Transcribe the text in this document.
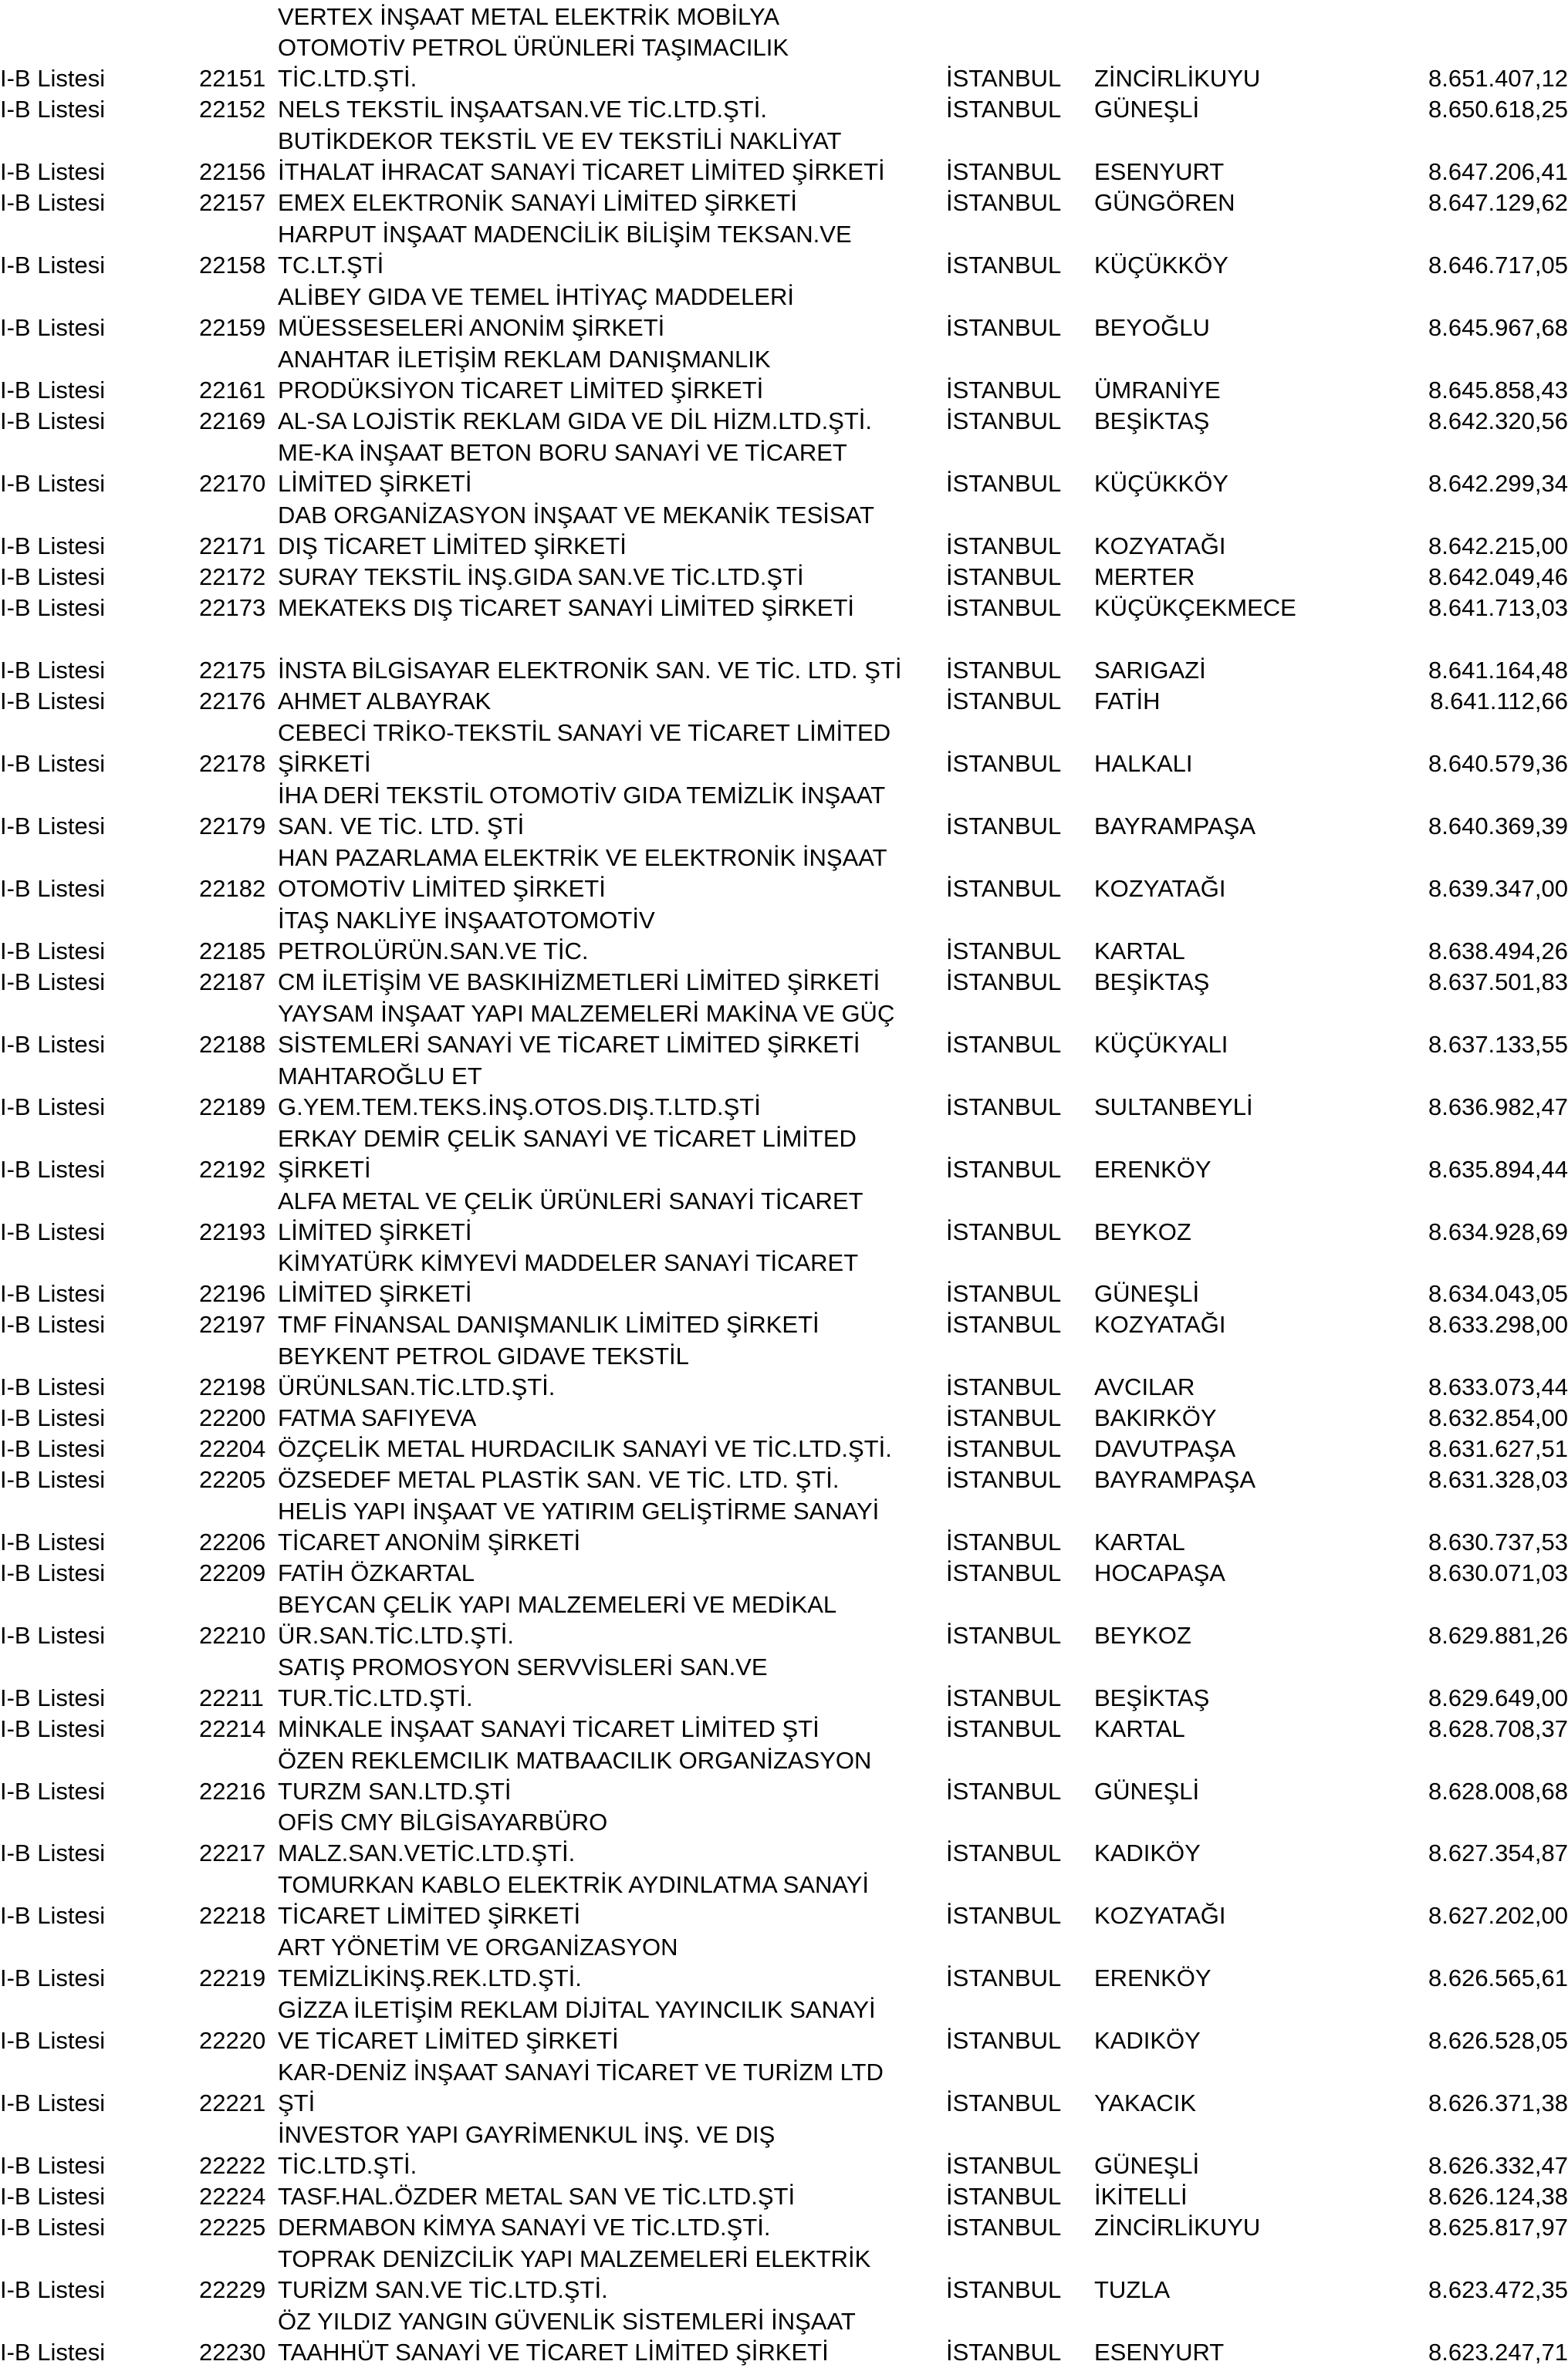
I-B Listesi	22151
VERTEX İNŞAAT METAL ELEKTRİK MOBİLYA
OTOMOTİV PETROL ÜRÜNLERİ TAŞIMACILIK
TİC.LTD.ŞTİ.	İSTANBUL ZİNCİRLİKUYU	8.651.407,12
I-B Listesi	22152 NELS TEKSTİL İNŞAATSAN.VE TİC.LTD.ŞTİ.	İSTANBUL GÜNEŞLİ	8.650.618,25
I-B Listesi	22156
BUTİKDEKOR TEKSTİL VE EV TEKSTİLİ NAKLİYAT
İTHALAT İHRACAT SANAYİ TİCARET LİMİTED ŞİRKETİ	İSTANBUL ESENYURT	8.647.206,41
I-B Listesi	22157 EMEX ELEKTRONİK SANAYİ LİMİTED ŞİRKETİ	İSTANBUL GÜNGÖREN	8.647.129,62
I-B Listesi	22158
HARPUT İNŞAAT MADENCİLİK BİLİŞİM TEKSAN.VE
TC.LT.ŞTİ	İSTANBUL KÜÇÜKKÖY	8.646.717,05
I-B Listesi	22159
ALİBEY GIDA VE TEMEL İHTİYAÇ MADDELERİ
MÜESSESELERİ ANONİM ŞİRKETİ	İSTANBUL BEYOĞLU	8.645.967,68
I-B Listesi	22161
ANAHTAR İLETİŞİM REKLAM DANIŞMANLIK
PRODÜKSİYON TİCARET LİMİTED ŞİRKETİ	İSTANBUL ÜMRANİYE	8.645.858,43
I-B Listesi	22169 AL-SA LOJİSTİK REKLAM GIDA VE DİL HİZM.LTD.ŞTİ.	İSTANBUL BEŞİKTAŞ	8.642.320,56
I-B Listesi	22170
ME-KA İNŞAAT BETON BORU SANAYİ VE TİCARET
LİMİTED ŞİRKETİ	İSTANBUL KÜÇÜKKÖY	8.642.299,34
I-B Listesi	22171
DAB ORGANİZASYON İNŞAAT VE MEKANİK TESİSAT
DIŞ TİCARET LİMİTED ŞİRKETİ	İSTANBUL KOZYATAĞI	8.642.215,00
I-B Listesi	22172 SURAY TEKSTİL İNŞ.GIDA SAN.VE TİC.LTD.ŞTİ	İSTANBUL MERTER	8.642.049,46
I-B Listesi	22173 MEKATEKS DIŞ TİCARET SANAYİ LİMİTED ŞİRKETİ	İSTANBUL KÜÇÜKÇEKMECE	8.641.713,03
I-B Listesi	22175 İNSTA BİLGİSAYAR ELEKTRONİK SAN. VE TİC. LTD. ŞTİ	İSTANBUL SARIGAZİ	8.641.164,48
I-B Listesi	22176 AHMET ALBAYRAK	İSTANBUL FATİH	8.641.112,66
I-B Listesi	22178
CEBECİ TRİKO-TEKSTİL SANAYİ VE TİCARET LİMİTED
ŞİRKETİ	İSTANBUL HALKALI	8.640.579,36
I-B Listesi	22179
İHA DERİ TEKSTİL OTOMOTİV GIDA TEMİZLİK İNŞAAT
SAN. VE TİC. LTD. ŞTİ	İSTANBUL BAYRAMPAŞA	8.640.369,39
I-B Listesi	22182
HAN PAZARLAMA ELEKTRİK VE ELEKTRONİK İNŞAAT
OTOMOTİV LİMİTED ŞİRKETİ	İSTANBUL KOZYATAĞI	8.639.347,00
I-B Listesi	22185
İTAŞ NAKLİYE İNŞAATOTOMOTİV
PETROLÜRÜN.SAN.VE TİC.	İSTANBUL KARTAL	8.638.494,26
I-B Listesi	22187 CM İLETİŞİM VE BASKIHİZMETLERİ LİMİTED ŞİRKETİ	İSTANBUL BEŞİKTAŞ	8.637.501,83
I-B Listesi	22188
YAYSAM İNŞAAT YAPI MALZEMELERİ MAKİNA VE GÜÇ
SİSTEMLERİ SANAYİ VE TİCARET LİMİTED ŞİRKETİ	İSTANBUL KÜÇÜKYALI	8.637.133,55
I-B Listesi	22189
MAHTAROĞLU ET
G.YEM.TEM.TEKS.İNŞ.OTOS.DIŞ.T.LTD.ŞTİ	İSTANBUL SULTANBEYLİ	8.636.982,47
I-B Listesi	22192
ERKAY DEMİR ÇELİK SANAYİ VE TİCARET LİMİTED
ŞİRKETİ	İSTANBUL ERENKÖY	8.635.894,44
I-B Listesi	22193
ALFA METAL VE ÇELİK ÜRÜNLERİ SANAYİ TİCARET
LİMİTED ŞİRKETİ	İSTANBUL BEYKOZ	8.634.928,69
I-B Listesi	22196
KİMYATÜRK KİMYEVİ MADDELER SANAYİ TİCARET
LİMİTED ŞİRKETİ	İSTANBUL GÜNEŞLİ	8.634.043,05
I-B Listesi	22197 TMF FİNANSAL DANIŞMANLIK LİMİTED ŞİRKETİ	İSTANBUL KOZYATAĞI	8.633.298,00
I-B Listesi	22198
BEYKENT PETROL GIDAVE TEKSTİL
ÜRÜNLSAN.TİC.LTD.ŞTİ.	İSTANBUL AVCILAR	8.633.073,44
I-B Listesi	22200 FATMA SAFIYEVA	İSTANBUL BAKIRKÖY	8.632.854,00
I-B Listesi	22204 ÖZÇELİK METAL HURDACILIK SANAYİ VE TİC.LTD.ŞTİ.	İSTANBUL DAVUTPAŞA	8.631.627,51
I-B Listesi	22205 ÖZSEDEF METAL PLASTİK SAN. VE TİC. LTD. ŞTİ.	İSTANBUL BAYRAMPAŞA	8.631.328,03
I-B Listesi	22206
HELİS YAPI İNŞAAT VE YATIRIM GELİŞTİRME SANAYİ
TİCARET ANONİM ŞİRKETİ	İSTANBUL KARTAL	8.630.737,53
I-B Listesi	22209 FATİH ÖZKARTAL	İSTANBUL HOCAPAŞA	8.630.071,03
I-B Listesi	22210
BEYCAN ÇELİK YAPI MALZEMELERİ VE MEDİKAL
ÜR.SAN.TİC.LTD.ŞTİ.	İSTANBUL BEYKOZ	8.629.881,26
I-B Listesi	22211
SATIŞ PROMOSYON SERVVİSLERİ SAN.VE
TUR.TİC.LTD.ŞTİ.	İSTANBUL BEŞİKTAŞ	8.629.649,00
I-B Listesi	22214 MİNKALE İNŞAAT SANAYİ TİCARET LİMİTED ŞTİ	İSTANBUL KARTAL	8.628.708,37
I-B Listesi	22216
ÖZEN REKLEMCILIK MATBAACILIK ORGANİZASYON
TURZM SAN.LTD.ŞTİ	İSTANBUL GÜNEŞLİ	8.628.008,68
I-B Listesi	22217
OFİS CMY BİLGİSAYARBÜRO
MALZ.SAN.VETİC.LTD.ŞTİ.	İSTANBUL KADIKÖY	8.627.354,87
I-B Listesi	22218
TOMURKAN KABLO ELEKTRİK AYDINLATMA SANAYİ
TİCARET LİMİTED ŞİRKETİ	İSTANBUL KOZYATAĞI	8.627.202,00
I-B Listesi	22219
ART YÖNETİM VE ORGANİZASYON
TEMİZLİKİNŞ.REK.LTD.ŞTİ.	İSTANBUL ERENKÖY	8.626.565,61
I-B Listesi	22220
GİZZA İLETİŞİM REKLAM DİJİTAL YAYINCILIK SANAYİ
VE TİCARET LİMİTED ŞİRKETİ	İSTANBUL KADIKÖY	8.626.528,05
I-B Listesi	22221
KAR-DENİZ İNŞAAT SANAYİ TİCARET VE TURİZM LTD
ŞTİ	İSTANBUL YAKACIK	8.626.371,38
I-B Listesi	22222
İNVESTOR YAPI GAYRİMENKUL İNŞ. VE DIŞ
TİC.LTD.ŞTİ.	İSTANBUL GÜNEŞLİ	8.626.332,47
I-B Listesi	22224 TASF.HAL.ÖZDER METAL SAN VE TİC.LTD.ŞTİ	İSTANBUL İKİTELLİ	8.626.124,38
I-B Listesi	22225 DERMABON KİMYA SANAYİ VE TİC.LTD.ŞTİ.	İSTANBUL ZİNCİRLİKUYU	8.625.817,97
I-B Listesi	22229
TOPRAK DENİZCİLİK YAPI MALZEMELERİ ELEKTRİK
TURİZM SAN.VE TİC.LTD.ŞTİ.	İSTANBUL TUZLA	8.623.472,35
I-B Listesi	22230
ÖZ YILDIZ YANGIN GÜVENLİK SİSTEMLERİ İNŞAAT
TAAHHÜT SANAYİ VE TİCARET LİMİTED ŞİRKETİ	İSTANBUL ESENYURT	8.623.247,71
